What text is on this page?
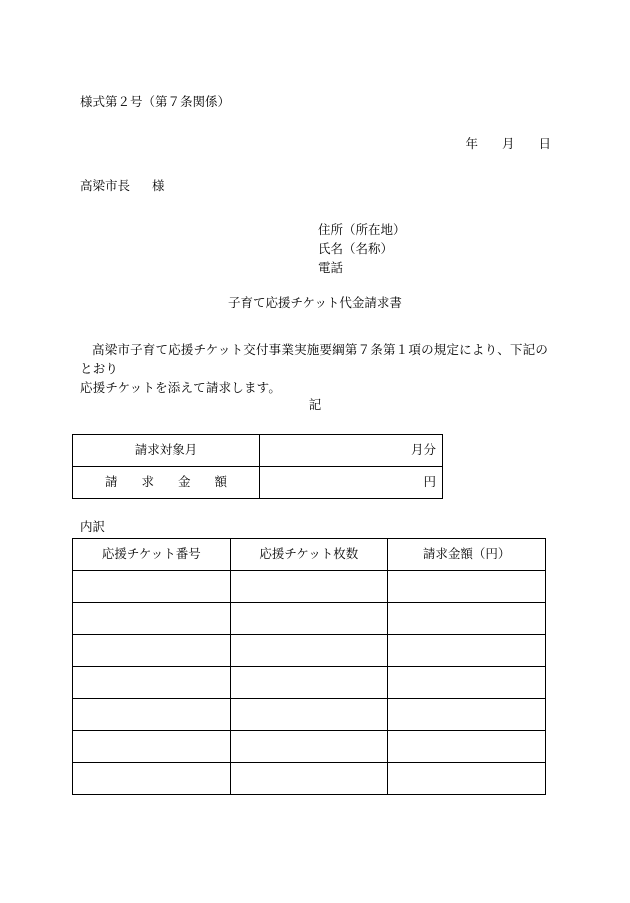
様式第２号（第７条関係）
年 月 日
高梁市長 様
住所（所在地）
氏名（名称）
電話
子育て応援チケット代金請求書
高梁市子育て応援チケット交付事業実施要綱第７条第１項の規定により、下記のとおり
応援チケットを添えて請求します。
記
請求対象月	月分
請 求 金 額	円
内訳
応援チケット番号	応援チケット枚数	請求金額（円）
